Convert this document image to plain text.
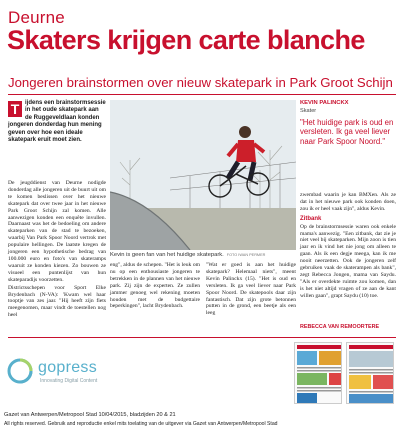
Deurne
Skaters krijgen carte blanche
Jongeren brainstormen over nieuw skatepark in Park Groot Schijn
T ijdens een brainstormsessie in het oude skatepark aan de Ruggeveldlaan konden jongeren donderdag hun mening geven over hoe een ideale skatepark eruit moet zien.

De jeugddienst van Deurne nodigde donderdag alle jongeren uit de buurt uit om te komen beslissen over het nieuwe skatepark dat over twee jaar in het nieuwe Park Groot Schijn zal komen. Alle aanwezigen konden een enquête invullen. Daarnaast was het de bedoeling om andere skateparken van de stad te bezoeken, waarbij Van Park Spoor Noord vertrok met populaire hellingen. De laatste kregen de jongeren een hypothetische bedrag van 100.000 euro en foto's van skateramps waaruit ze konden kiezen. Zo bouwen ze visueel een puntenlijst van hun skateparadijs voorzetten.

Districtsschepen voor Sport Elke Brydenbach (N-VA): 'Kwam wel haar tooptje van zes jaar. "Hij heeft zijn fiets meegenomen, maar vindt de toestellen nog heel

Kevin is geen fan van het huidige skatepark. FOTO IWAN PERMER

eng", aldus de schepen. "Het is leuk om nu op een enthousiaste jongeren te betrekken in de plannen van het nieuwe park. Zij zijn de experten. Ze zullen jammer genoeg wel rekening moeten houden met de budgettaire beperkingen", lacht Brydenbach.

"Wat er goed is aan het huidige skatepark? Helemaal niets", meent Kevin Palinckx (15). "Het is oud en versleten. Ik ga veel liever naar Park Spoor Noord. De skatepools daar zijn fantastisch. Dat zijn grote betonnen putten in de grond, een beetje als een leeg

KEVIN PALINCKX
Skater
"Het huidige park is oud en versleten. Ik ga veel liever naar Park Spoor Noord."

zwembad waarin je kan BMXen. Als ze dat in het nieuwe park ook konden doen, zou ik er heel vaak zijn", aldus Kevin.

Zitbank

Op de brainstormsessie waren ook enkele mama's aanwezig. "Een zitbank, dat zie je niet veel bij skateparken. Mijn zoon is tien jaar en ik vind het nie jong om alleen te gaan. Als ik een degje meega, kan ik me nooit neerzetten. Ook de jongeren zelf gebruiken vaak de skaterampen als bank", zegt Rebecca Jongen, mama van Saydu. "Als er overdekte ruimte zou komen, dan is het niet altijd vragen of ze aan de kant willen gaan", grapt Saydu (10) toe.

REBECCA VAN REMOORTERE
gopress
Innovating Digital Content
Gazet van Antwerpen/Metropool Stad 10/04/2015, bladzijden 20 & 21
All rights reserved. Gebruik and reproductie enkel mits toelating van de uitgever via Gazet van Antwerpen/Metropool Stad
